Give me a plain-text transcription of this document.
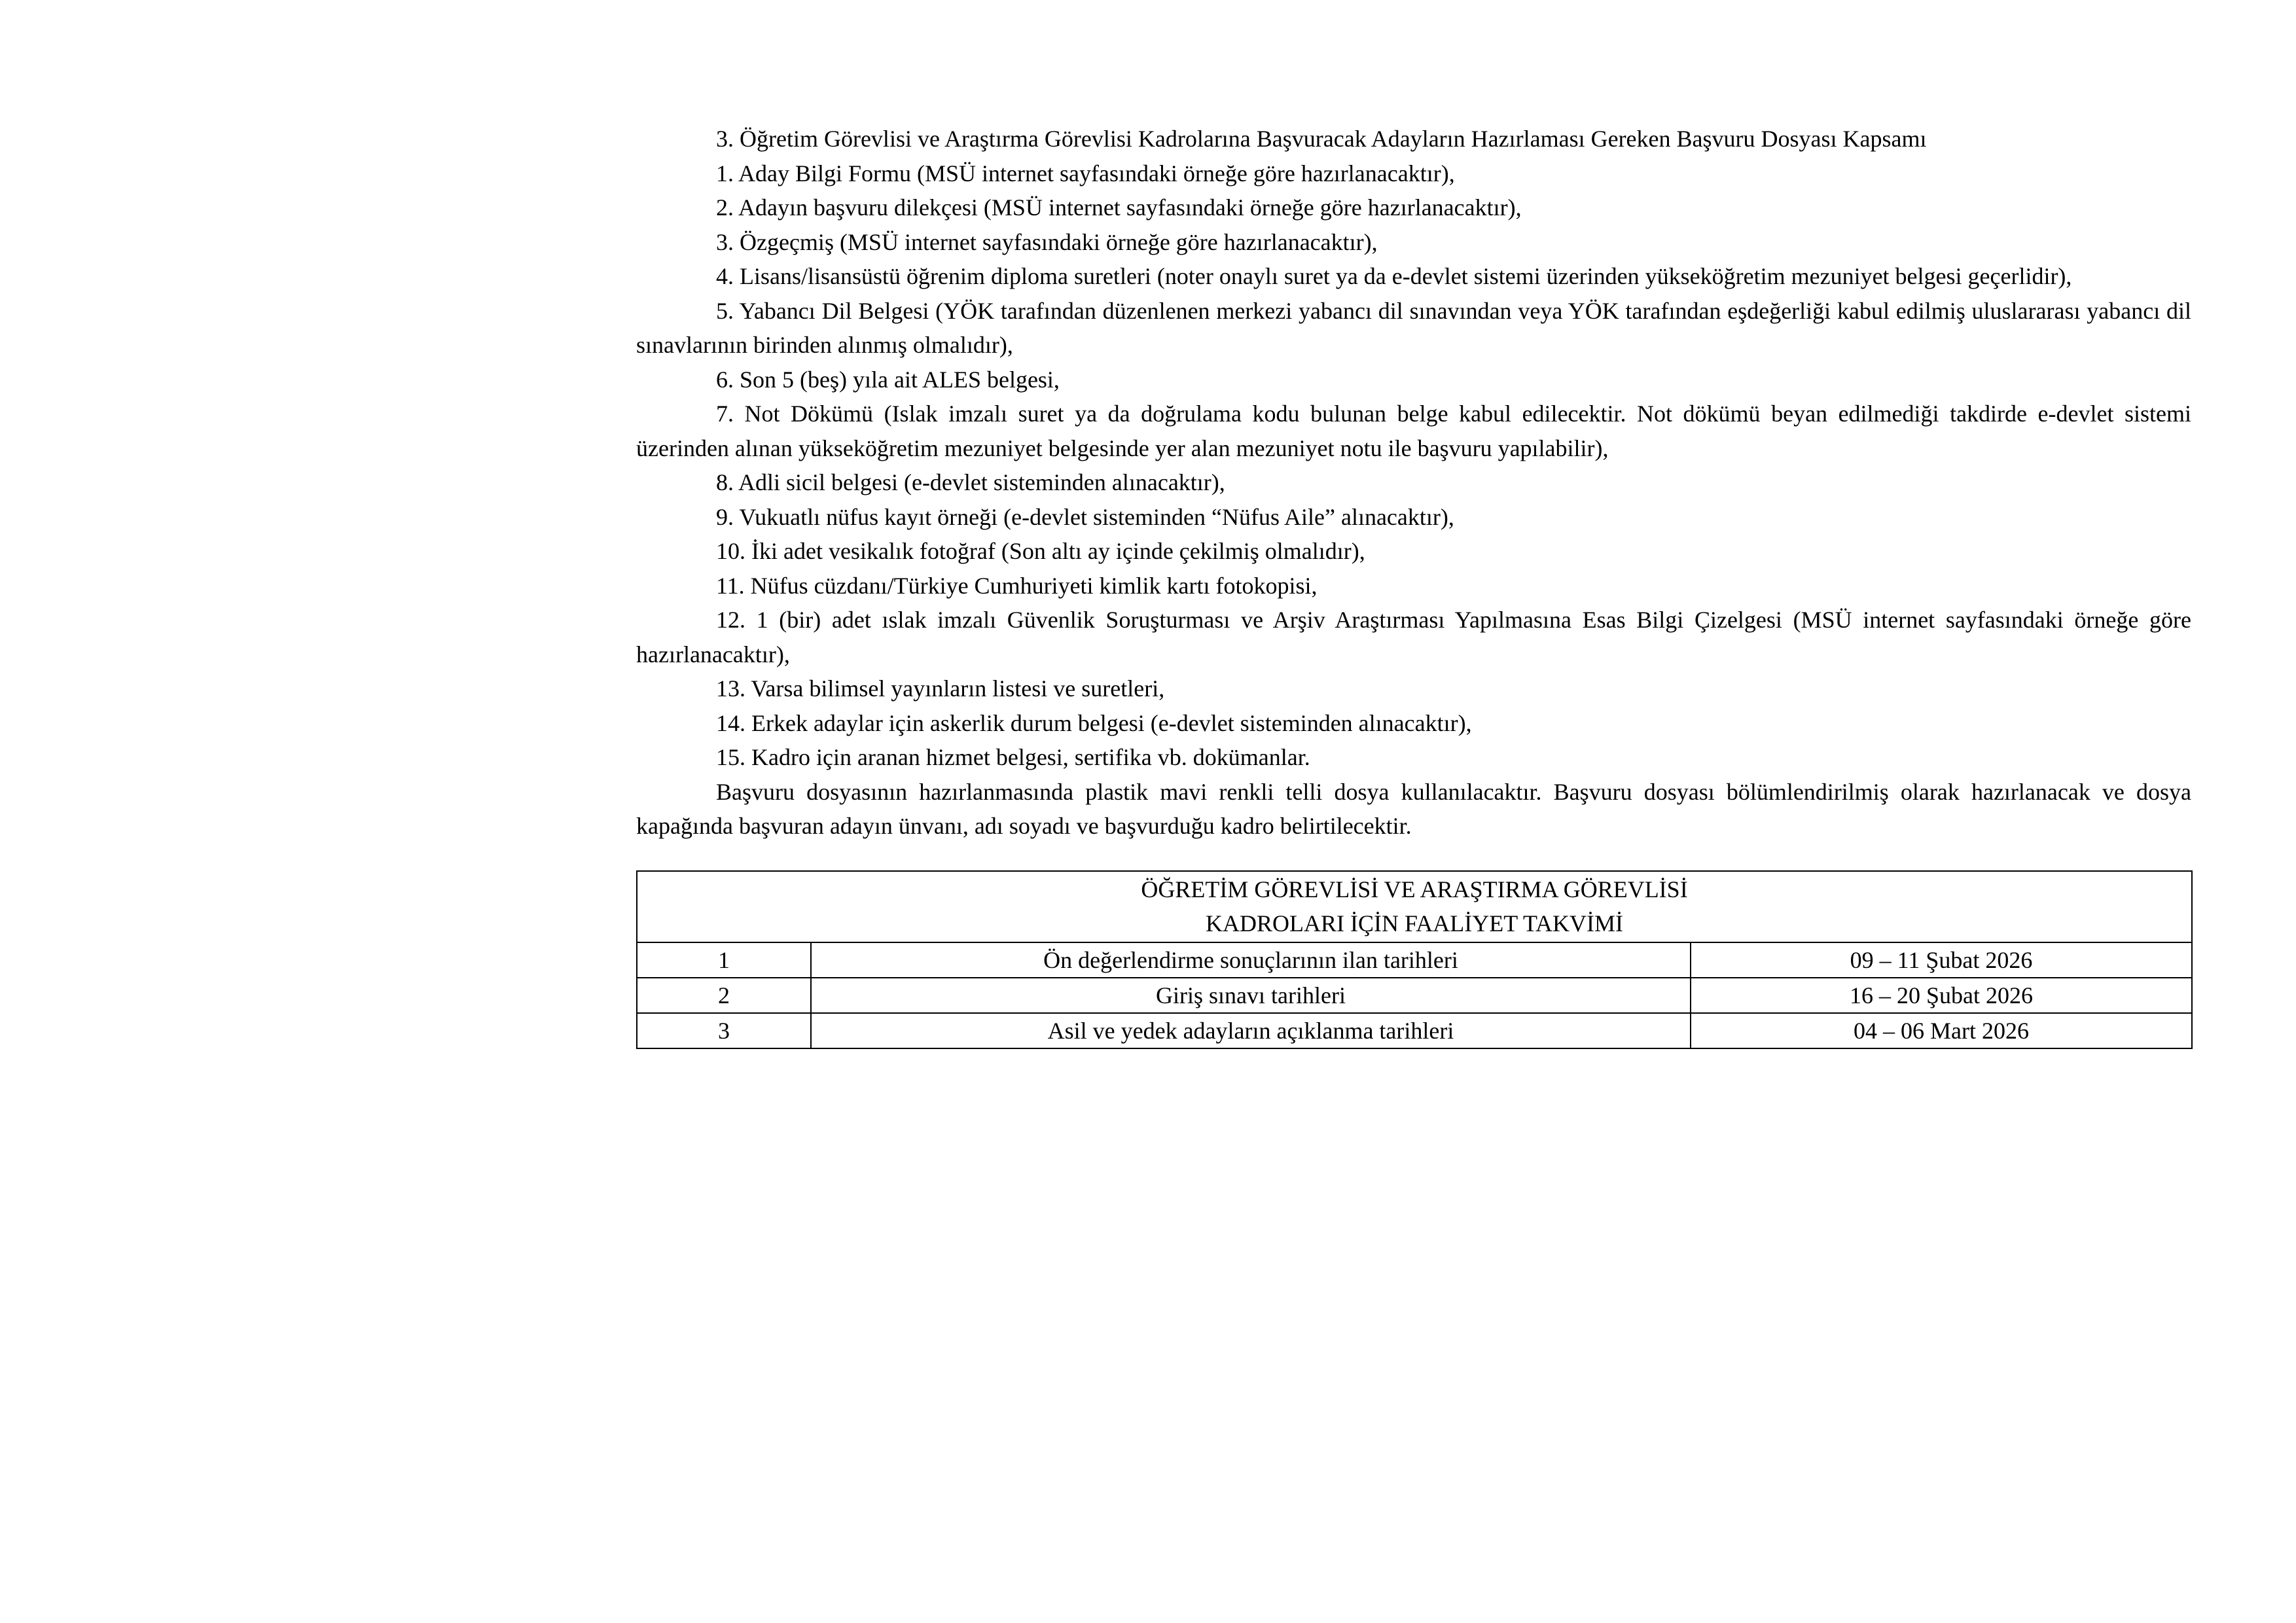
3. Öğretim Görevlisi ve Araştırma Görevlisi Kadrolarına Başvuracak Adayların Hazırlaması Gereken Başvuru Dosyası Kapsamı

1. Aday Bilgi Formu (MSÜ internet sayfasındaki örneğe göre hazırlanacaktır),

2. Adayın başvuru dilekçesi (MSÜ internet sayfasındaki örneğe göre hazırlanacaktır),

3. Özgeçmiş (MSÜ internet sayfasındaki örneğe göre hazırlanacaktır),

4. Lisans/lisansüstü öğrenim diploma suretleri (noter onaylı suret ya da e-devlet sistemi üzerinden yükseköğretim mezuniyet belgesi geçerlidir),

5. Yabancı Dil Belgesi (YÖK tarafından düzenlenen merkezi yabancı dil sınavından veya YÖK tarafından eşdeğerliği kabul edilmiş uluslararası yabancı dil sınavlarının birinden alınmış olmalıdır),

6. Son 5 (beş) yıla ait ALES belgesi,

7. Not Dökümü (Islak imzalı suret ya da doğrulama kodu bulunan belge kabul edilecektir. Not dökümü beyan edilmediği takdirde e-devlet sistemi üzerinden alınan yükseköğretim mezuniyet belgesinde yer alan mezuniyet notu ile başvuru yapılabilir),

8. Adli sicil belgesi (e-devlet sisteminden alınacaktır),

9. Vukuatlı nüfus kayıt örneği (e-devlet sisteminden “Nüfus Aile” alınacaktır),

10. İki adet vesikalık fotoğraf (Son altı ay içinde çekilmiş olmalıdır),

11. Nüfus cüzdanı/Türkiye Cumhuriyeti kimlik kartı fotokopisi,

12. 1 (bir) adet ıslak imzalı Güvenlik Soruşturması ve Arşiv Araştırması Yapılmasına Esas Bilgi Çizelgesi (MSÜ internet sayfasındaki örneğe göre hazırlanacaktır),

13. Varsa bilimsel yayınların listesi ve suretleri,

14. Erkek adaylar için askerlik durum belgesi (e-devlet sisteminden alınacaktır),

15. Kadro için aranan hizmet belgesi, sertifika vb. dokümanlar.

Başvuru dosyasının hazırlanmasında plastik mavi renkli telli dosya kullanılacaktır. Başvuru dosyası bölümlendirilmiş olarak hazırlanacak ve dosya kapağında başvuran adayın ünvanı, adı soyadı ve başvurduğu kadro belirtilecektir.

ÖĞRETİM GÖREVLİSİ VE ARAŞTIRMA GÖREVLİSİ
KADROLARI İÇİN FAALİYET TAKVİMİ		

1	Ön değerlendirme sonuçlarının ilan tarihleri	09 – 11 Şubat 2026
2	Giriş sınavı tarihleri	16 – 20 Şubat 2026
3	Asil ve yedek adayların açıklanma tarihleri	04 – 06 Mart 2026
